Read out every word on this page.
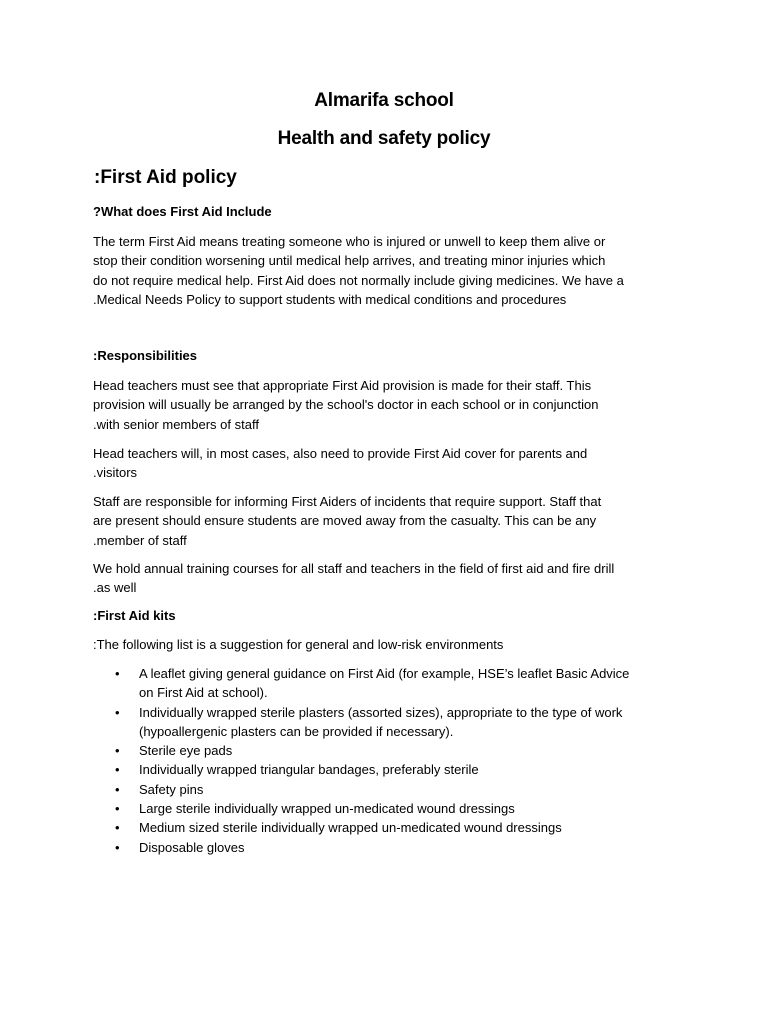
Almarifa school
Health and safety policy
:First Aid policy
?What does First Aid Include
The term First Aid means treating someone who is injured or unwell to keep them alive or
stop their condition worsening until medical help arrives, and treating minor injuries which
do not require medical help. First Aid does not normally include giving medicines. We have a
.Medical Needs Policy to support students with medical conditions and procedures
:Responsibilities
Head teachers must see that appropriate First Aid provision is made for their staff. This
provision will usually be arranged by the school's doctor in each school or in conjunction
.with senior members of staff
Head teachers will, in most cases, also need to provide First Aid cover for parents and
.visitors
Staff are responsible for informing First Aiders of incidents that require support. Staff that
are present should ensure students are moved away from the casualty. This can be any
.member of staff
We hold annual training courses for all staff and teachers in the field of first aid and fire drill
.as well
:First Aid kits
:The following list is a suggestion for general and low-risk environments
• A leaflet giving general guidance on First Aid (for example, HSE’s leaflet Basic Advice
on First Aid at school).
• Individually wrapped sterile plasters (assorted sizes), appropriate to the type of work
(hypoallergenic plasters can be provided if necessary).
• Sterile eye pads
• Individually wrapped triangular bandages, preferably sterile
• Safety pins
• Large sterile individually wrapped un-medicated wound dressings
• Medium sized sterile individually wrapped un-medicated wound dressings
• Disposable gloves
